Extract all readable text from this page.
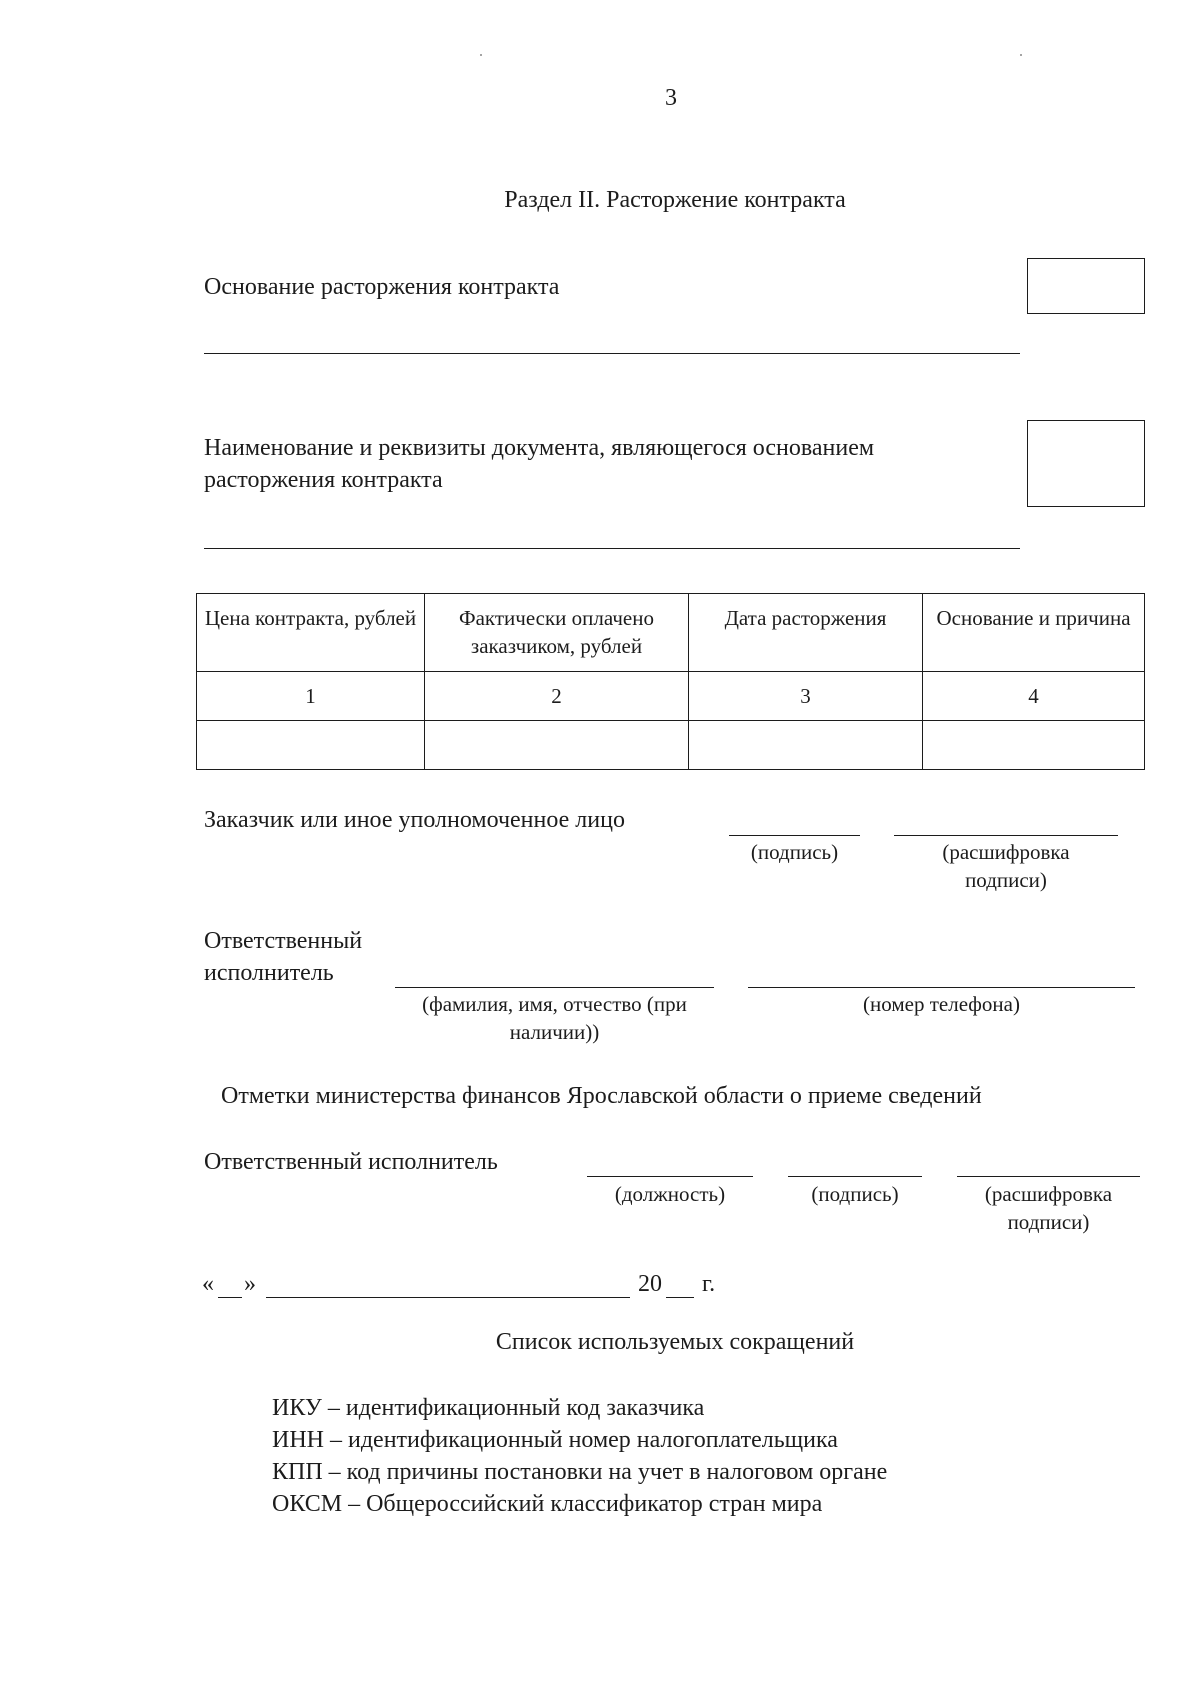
3
Раздел II. Расторжение контракта
Основание расторжения контракта
Наименование и реквизиты документа, являющегося основанием
расторжения контракта
Цена контракта, рублей	Фактически оплачено заказчиком, рублей	Дата расторжения	Основание и причина
1	2	3	4

Заказчик или иное уполномоченное лицо
(подпись)	(расшифровка
подписи)
Ответственный
исполнитель
(фамилия, имя, отчество (при
наличии))
(номер телефона)
Отметки министерства финансов Ярославской области о приеме сведений
Ответственный исполнитель
(должность)	(подпись)	(расшифровка
подписи)
« »	20 г.
Список используемых сокращений
ИКУ – идентификационный код заказчика
ИНН – идентификационный номер налогоплательщика
КПП – код причины постановки на учет в налоговом органе
ОКСМ – Общероссийский классификатор стран мира
